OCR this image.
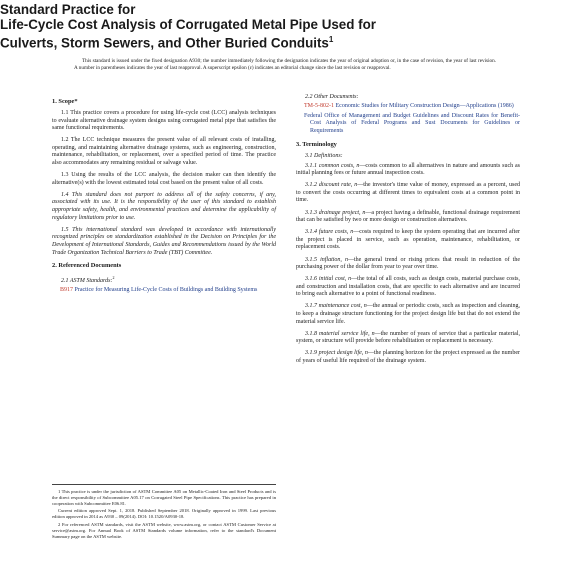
Standard Practice for

Life-Cycle Cost Analysis of Corrugated Metal Pipe Used for

Culverts, Storm Sewers, and Other Buried Conduits$^1$

This standard is issued under the fixed designation A930; the number immediately following the designation indicates the year of original adoption or, in the case of revision, the year of last revision. A number in parentheses indicates the year of last reapproval. A superscript epsilon (ε) indicates an editorial change since the last revision or reapproval.

1. Scope*

1.1 This practice covers a procedure for using life-cycle cost (LCC) analysis techniques to evaluate alternative drainage system designs using corrugated metal pipe that satisfies the same functional requirements.

1.2 The LCC technique measures the present value of all relevant costs of installing, operating, and maintaining alternative drainage systems, such as engineering, construction, maintenance, rehabilitation, or replacement, over a specified period of time. The practice also accommodates any remaining residual or salvage value.

1.3 Using the results of the LCC analysis, the decision maker can then identify the alternative(s) with the lowest estimated total cost based on the present value of all costs.

1.4 This standard does not purport to address all of the safety concerns, if any, associated with its use. It is the responsibility of the user of this standard to establish appropriate safety, health, and environmental practices and determine the applicability of regulatory limitations prior to use.

1.5 This international standard was developed in accordance with internationally recognized principles on standardization established in the Decision on Principles for the Development of International Standards, Guides and Recommendations issued by the World Trade Organization Technical Barriers to Trade (TBT) Committee.

2. Referenced Documents

2.1 ASTM Standards:$^2$

B917 Practice for Measuring Life-Cycle Costs of Buildings and Building Systems

2.2 Other Documents:

TM-5-802-1 Economic Studies for Military Construction Design—Applications (1986)

Federal Office of Management and Budget Guidelines and Discount Rates for Benefit-Cost Analysis of Federal Programs and Sust Documents for Guidelines or Requirements

3. Terminology

3.1 Definitions:

3.1.1 common costs, n—costs common to all alternatives in nature and amounts such as initial planning fees or future annual inspection costs.

3.1.2 discount rate, n—the investor's time value of money, expressed as a percent, used to convert the costs occurring at different times to equivalent costs at a common point in time.

3.1.3 drainage project, n—a project having a definable, functional drainage requirement that can be satisfied by two or more design or construction alternatives.

3.1.4 future costs, n—costs required to keep the system operating that are incurred after the project is placed in service, such as operation, maintenance, rehabilitation, or replacement costs.

3.1.5 inflation, n—the general trend or rising prices that result in reduction of the purchasing power of the dollar from year to year over time.

3.1.6 initial cost, n—the total of all costs, such as design costs, material purchase costs, and construction and installation costs, that are specific to each alternative and are incurred to bring each alternative to a point of functional readiness.

3.1.7 maintenance cost, n—the annual or periodic costs, such as inspection and cleaning, to keep a drainage structure functioning for the project design life but that do not extend the material service life.

3.1.8 material service life, n—the number of years of service that a particular material, system, or structure will provide before rehabilitation or replacement is necessary.

3.1.9 project design life, n—the planning horizon for the project expressed as the number of years of useful life required of the drainage system.

1 This practice is under the jurisdiction of ASTM Committee A05 on Metallic-Coated Iron and Steel Products and is the direct responsibility of Subcommittee A05.17 on Corrugated Steel Pipe Specifications. This practice has prepared in cooperation with Subcommittee E06.81.

Current edition approved Sept. 1, 2018. Published September 2018. Originally approved in 1999. Last previous edition approved in 2014 as A930 – 09(2014). DOI: 10.1520/A0930-18.

2 For referenced ASTM standards, visit the ASTM website, www.astm.org, or contact ASTM Customer Service at service@astm.org. For Annual Book of ASTM Standards volume information, refer to the standard's Document Summary page on the ASTM website.
